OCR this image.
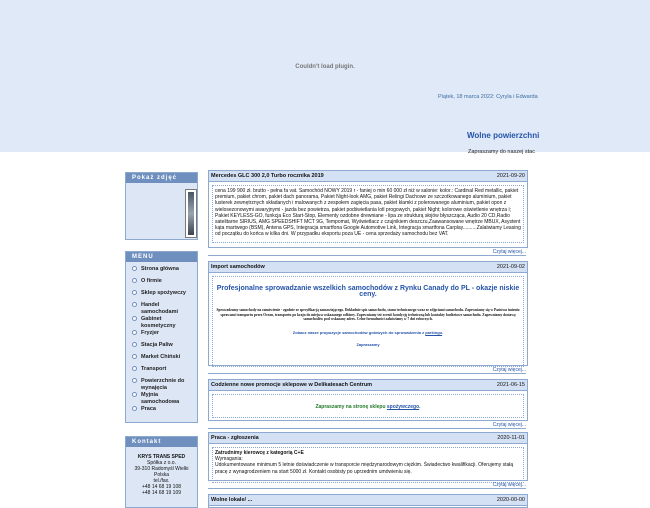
Couldn't load plugin.
Piątek, 18 marca 2022: Cyryla i Edwarda
Wolne powierzchni
Zapraszamy do naszej stac
Pokaż zdjęć
MENU
Strona główna
O firmie
Sklep spożywczy
Handel samochodami
Gabinet kosmetyczny
Fryzjer
Stacja Paliw
Market Chiński
Transport
Powierzchnie do wynajęcia
Myjnia samochodowa
Praca
Kontakt
KRYS TRANS SPED
Spółka z o.o.
39-310 Radomyśl Wielki
Polska
tel./fax.
+48 14 68 19 108
+48 14 68 19 109
Mercedes GLC 300 2,0 Turbo rocznika 2019	2021-09-20
cena 199 900 zł. brutto - pełna fa vat. Samochód NOWY 2019 r - faniej o min 60 000 zł niż w salonie: kolor.: Cardinal Red metallic, pakiet premium, pakiet chrom, pakiet dach panorama, Pakiet Night-look AMG, pakiet Relingi Dachowe ze szczotkowanego aluminium, pakiet lusterek zewnętrznych składanych i malowanych z zespołem zagięcia pasa, pakiet klamki z polerowanego aluminium, pakiet opon z wielosezonowymi awaryjnymi - jazda bez powietrza, pakiet podświetlania lotl progowych, pakiet Night; kolorowe oświetlenie wnętrza i; Pakiet KEYLESS-GO, funkcja Eco Start-Stop, Elementy ozdobne drewniane - lipa ze strukturą słojów błyszcząca, Audio 20 CD,Radio satelitarne SIRIUS, AMG SPEEDSHIFT MCT 9G, Tempomat, Wyświetlacz z czujnikiem deszczu,Zaawansowane wnętrze MBUX, Asystent kąta martwego (BSM), Antena GPS, Integracja smartfona Google Automotive Link, Integracja smartfona Carplay..........Zalatwiamy Leasing od początku do końca w kilka dni. W przypadku eksportu poza UE - cena sprzedaży samochodu bez VAT.
Czytaj więcej...
Import samochodów	2021-09-02
Profesjonalne sprowadzanie wszelkich samochodów z Rynku Canady do PL - okazje niskie ceny.
Sprowadzamy samochody na zamówienie - zgodnie ze specyfikacją zamawiającego. Dokładnie spis samochodu, stanu technicznego wraz ze zdjęciami samochodu. Zapewniamy się w Państwa imieniu sprawami transportu przez Ocean, transportu po kraju do miejsca wskazanego odbiory. Zapewniamy też ocenić kondycję techniczną lub kontakty budżetowe samochodu. Zapewniamy dostawę samochodów pod wskazany adres. Celne formalności załatwiamy w 7 dni roboczych.
Zobacz nasze propozycje samochodów gotowych do sprowadzenia z parkingu.
Zapraszamy
Czytaj więcej...
Codzienne nowe promocje sklepowe w Delikatesach Centrum	2021-06-15
Zapraszamy na stronę sklepu spożywczego.
Czytaj więcej...
Praca - zgłoszenia	2020-11-01
Zatrudnimy kierowcę z kategorią C+E
Wymagania:
Udokumentowane minimum 5 letnie doświadczenie w transporcie międzynarodowym ciężkim. Świadectwo kwalifikacji. Oferujemy stałą pracę z wynagrodzeniem na start 5000 zł. Kontakt osobisty po uprzednim umówieniu się.
Czytaj więcej...
Wolne lokale/ ...	2020-00-00
